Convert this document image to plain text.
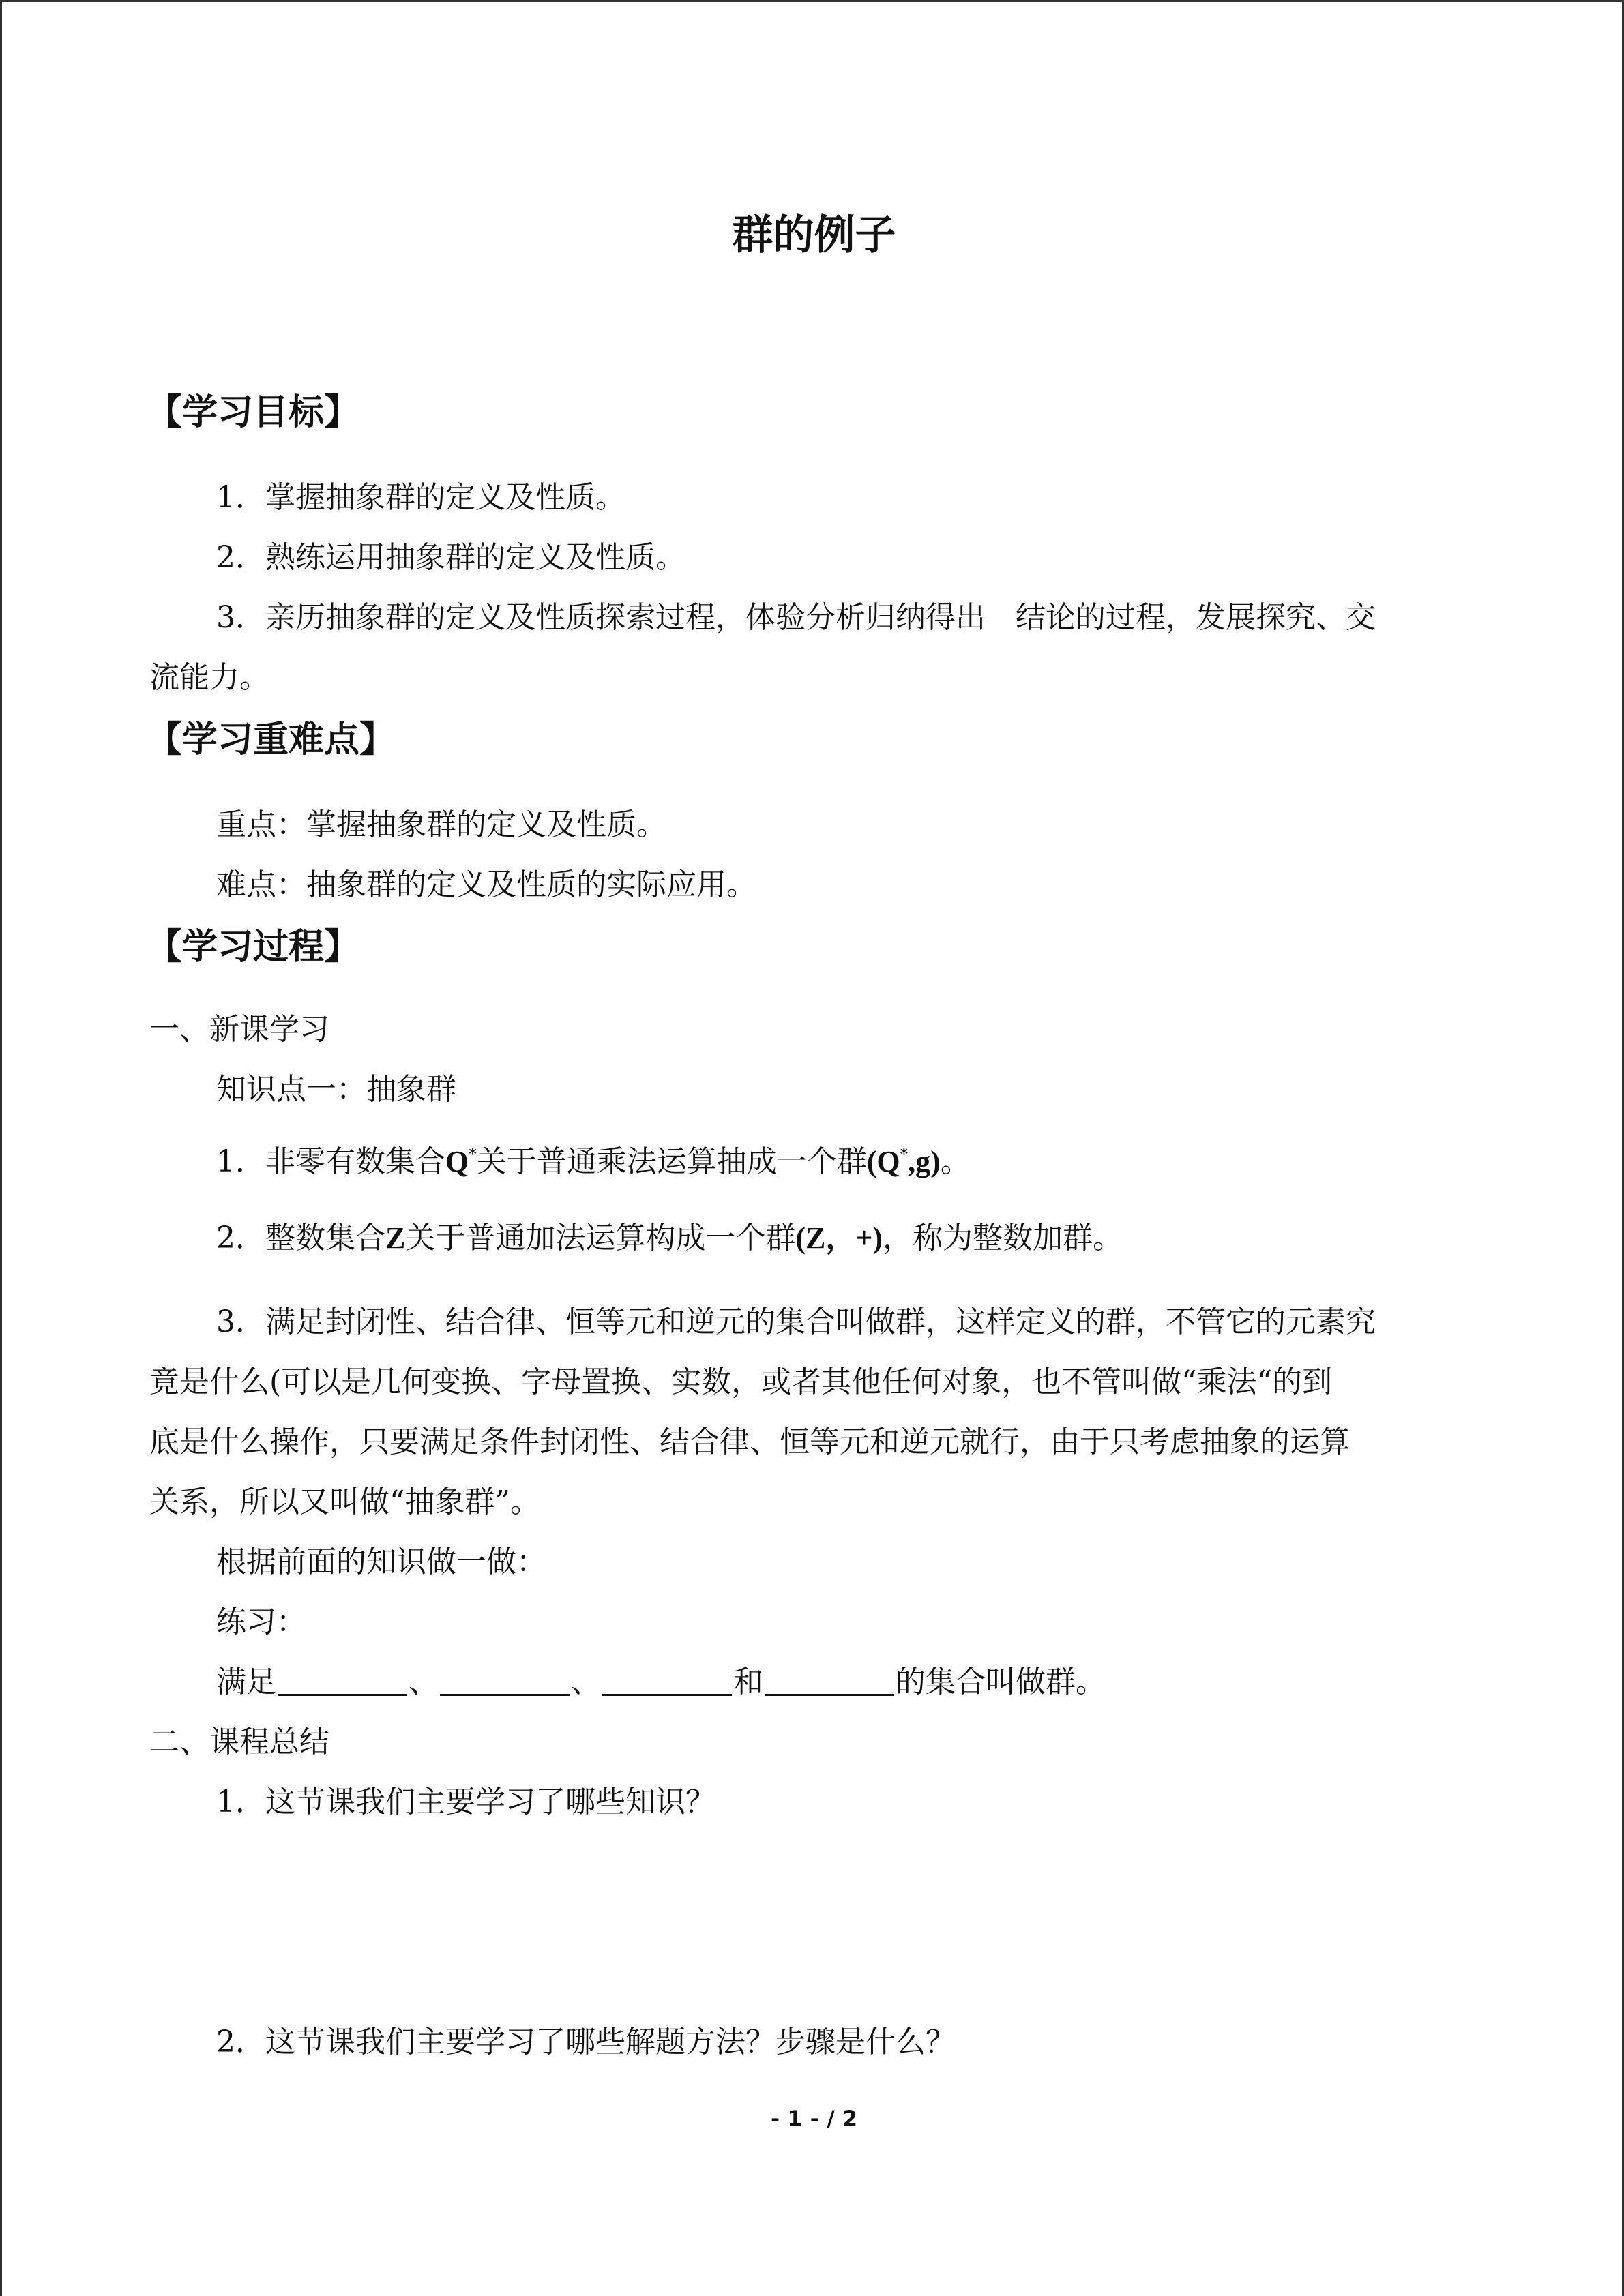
群的例子
【学习目标】
1．掌握抽象群的定义及性质。
2．熟练运用抽象群的定义及性质。
3．亲历抽象群的定义及性质探索过程，体验分析归纳得出　结论的过程，发展探究、交
流能力。
【学习重难点】
重点：掌握抽象群的定义及性质。
难点：抽象群的定义及性质的实际应用。
【学习过程】
一、新课学习
知识点一：抽象群
1．非零有数集合Q*关于普通乘法运算抽成一个群(Q*,g)。
2．整数集合Z关于普通加法运算构成一个群(Z，+)，称为整数加群。
3．满足封闭性、结合律、恒等元和逆元的集合叫做群，这样定义的群，不管它的元素究
竟是什么(可以是几何变换、字母置换、实数，或者其他任何对象，也不管叫做“乘法“的到
底是什么操作，只要满足条件封闭性、结合律、恒等元和逆元就行，由于只考虑抽象的运算
关系，所以又叫做“抽象群”。
根据前面的知识做一做：
练习：
满足	、	、	和	的集合叫做群。
二、课程总结
1．这节课我们主要学习了哪些知识？
2．这节课我们主要学习了哪些解题方法？步骤是什么？
- 1 - / 2
